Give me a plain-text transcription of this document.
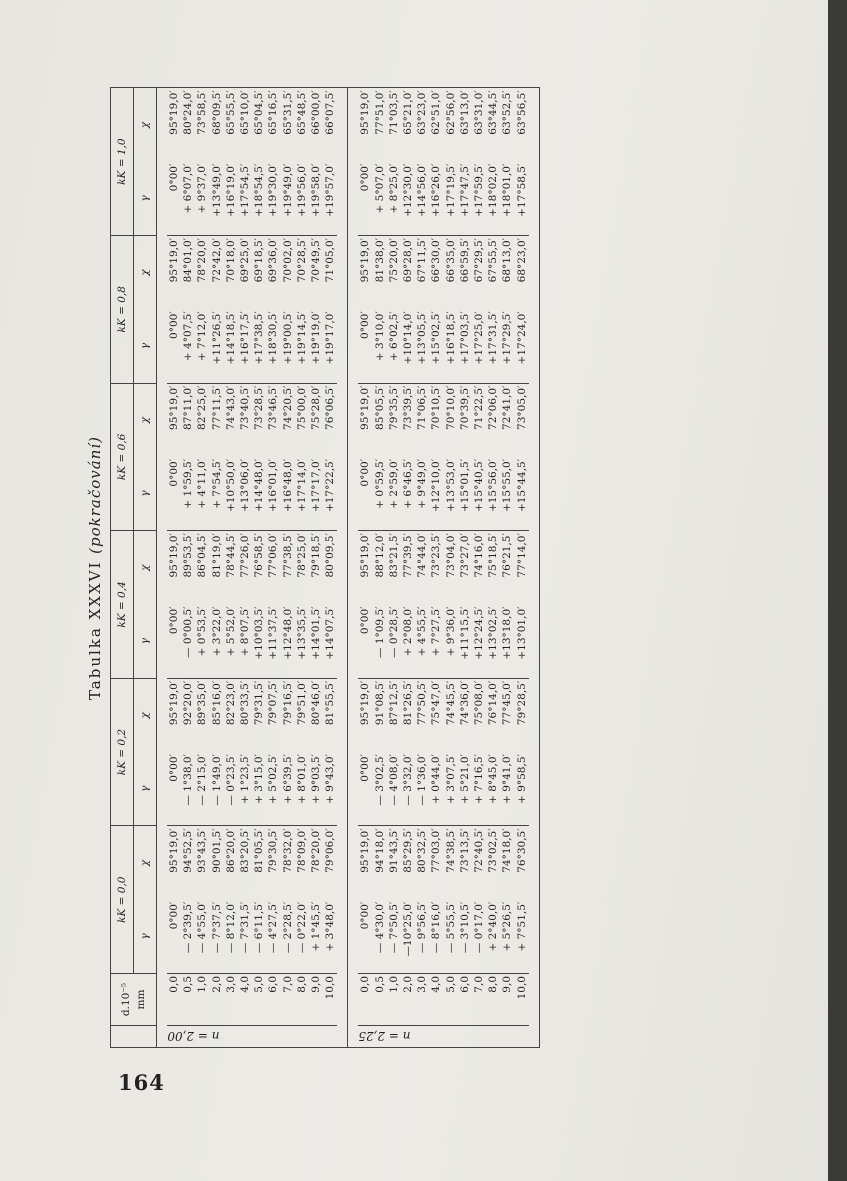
Tabulka XXXVI (pokračování)
	d.10⁻⁵ mm	kK = 0,0		kK = 0,2		kK = 0,4		kK = 0,6		kK = 0,8		kK = 1,0	
		γ	χ	γ	χ	γ	χ	γ	χ	γ	χ	γ	χ

n = 2,00	0,0	0°00′	95°19,0′	0°00′	95°19,0′	0°00′	95°19,0′	0°00′	95°19,0′	0°00′	95°19,0′	0°00′	95°19,0′
	0,5	— 2°39,5′	94°52,5′	— 1°38,0′	92°20,0′	— 0°00,5′	89°53,5′	+ 1°59,5′	87°11,0′	+ 4°07,5′	84°01,0′	+ 6°07,0′	80°24,0′
	1,0	— 4°55,0′	93°43,5′	— 2°15,0′	89°35,0′	+ 0°53,5′	86°04,5′	+ 4°11,0′	82°25,0′	+ 7°12,0′	78°20,0′	+ 9°37,0′	73°58,5′
	2,0	— 7°37,5′	90°01,5′	— 1°49,0′	85°16,0′	+ 3°22,0′	81°19,0′	+ 7°54,5′	77°11,5′	+11°26,5′	72°42,0′	+13°49,0′	68°09,5′
	3,0	— 8°12,0′	86°20,0′	— 0°23,5′	82°23,0′	+ 5°52,0′	78°44,5′	+10°50,0′	74°43,0′	+14°18,5′	70°18,0′	+16°19,0′	65°55,5′
	4,0	— 7°31,5′	83°20,5′	+ 1°23,5′	80°33,5′	+ 8°07,5′	77°26,0′	+13°06,0′	73°40,5′	+16°17,5′	69°25,0′	+17°54,5′	65°10,0′
	5,0	— 6°11,5′	81°05,5′	+ 3°15,0′	79°31,5′	+10°03,5′	76°58,5′	+14°48,0′	73°28,5′	+17°38,5′	69°18,5′	+18°54,5′	65°04,5′
	6,0	— 4°27,5′	79°30,5′	+ 5°02,5′	79°07,5′	+11°37,5′	77°06,0′	+16°01,0′	73°46,5′	+18°30,5′	69°36,0′	+19°30,0′	65°16,5′
	7,0	— 2°28,5′	78°32,0′	+ 6°39,5′	79°16,5′	+12°48,0′	77°38,5′	+16°48,0′	74°20,5′	+19°00,5′	70°02,0′	+19°49,0′	65°31,5′
	8,0	— 0°22,0′	78°09,0′	+ 8°01,0′	79°51,0′	+13°35,5′	78°25,0′	+17°14,0′	75°00,0′	+19°14,5′	70°28,5′	+19°56,0′	65°48,5′
	9,0	+ 1°45,5′	78°20,0′	+ 9°03,5′	80°46,0′	+14°01,5′	79°18,5′	+17°17,0′	75°28,0′	+19°19,0′	70°49,5′	+19°58,0′	66°00,0′
	10,0	+ 3°48,0′	79°06,0′	+ 9°43,0′	81°55,5′	+14°07,5′	80°09,5′	+17°22,5′	76°06,5′	+19°17,0′	71°05,0′	+19°57,0′	66°07,5′

n = 2,25	0,0	0°00′	95°19,0′	0°00′	95°19,0′	0°00′	95°19,0′	0°00′	95°19,0′	0°00′	95°19,0′	0°00′	95°19,0′
	0,5	— 4°30,0′	94°18,0′	— 3°02,5′	91°08,5′	— 1°09,5′	88°12,0′	+ 0°59,5′	85°05,5′	+ 3°10,0′	81°38,0′	+ 5°07,0′	77°51,0′
	1,0	— 7°50,5′	91°43,5′	— 4°08,0′	87°12,5′	— 0°28,5′	83°21,5′	+ 2°59,0′	79°35,5′	+ 6°02,5′	75°20,0′	+ 8°25,0′	71°03,5′
	2,0	—10°25,0′	85°29,5′	— 3°32,0′	81°26,5′	+ 2°08,0′	77°39,5′	+ 6°46,5′	73°39,5′	+10°14,0′	69°28,0′	+12°30,0′	65°21,0′
	3,0	— 9°56,5′	80°32,5′	— 1°36,0′	77°50,5′	+ 4°55,5′	74°44,0′	+ 9°49,0′	71°06,5′	+13°05,5′	67°11,5′	+14°56,0′	63°23,0′
	4,0	— 8°16,0′	77°03,0′	+ 0°44,0′	75°47,0′	+ 7°27,5′	73°23,5′	+12°10,0′	70°10,5′	+15°02,5′	66°30,0′	+16°26,0′	62°51,0′
	5,0	— 5°55,5′	74°38,5′	+ 3°07,5′	74°45,5′	+ 9°36,0′	73°04,0′	+13°53,0′	70°10,0′	+16°18,5′	66°35,0′	+17°19,5′	62°56,0′
	6,0	— 3°10,5′	73°13,5′	+ 5°21,0′	74°36,0′	+11°15,5′	73°27,0′	+15°01,5′	70°39,5′	+17°03,5′	66°59,5′	+17°47,5′	63°13,0′
	7,0	— 0°17,0′	72°40,5′	+ 7°16,5′	75°08,0′	+12°24,5′	74°16,0′	+15°40,5′	71°22,5′	+17°25,0′	67°29,5′	+17°59,5′	63°31,0′
	8,0	+ 2°40,0′	73°02,5′	+ 8°45,0′	76°14,0′	+13°02,5′	75°18,5′	+15°56,0′	72°06,0′	+17°31,5′	67°55,5′	+18°02,0′	63°44,5′
	9,0	+ 5°26,5′	74°18,0′	+ 9°41,0′	77°45,0′	+13°18,0′	76°21,5′	+15°55,0′	72°41,0′	+17°29,5′	68°13,0′	+18°01,0′	63°52,5′
	10,0	+ 7°51,5′	76°30,5′	+ 9°58,5′	79°28,5′	+13°01,0′	77°14,0′	+15°44,5′	73°05,0′	+17°24,0′	68°23,0′	+17°58,5′	63°56,5′

164
